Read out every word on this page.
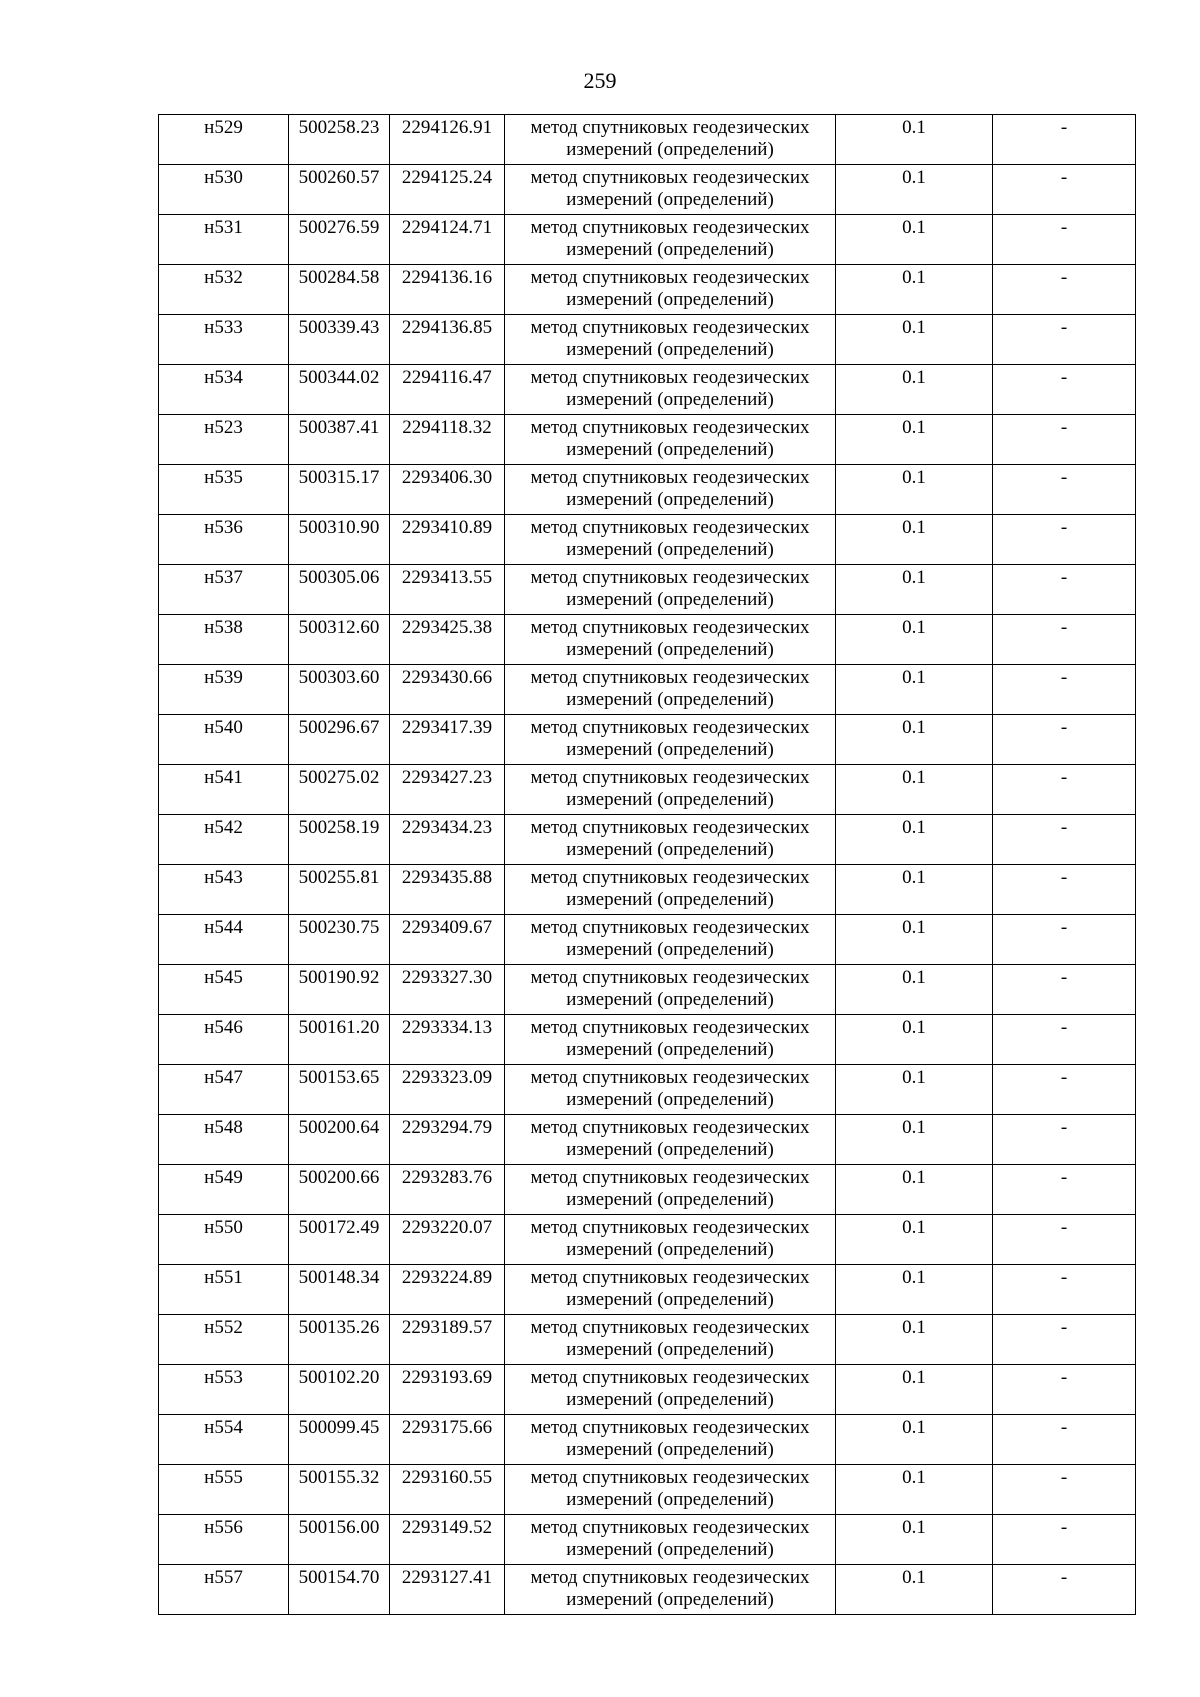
259
н529	500258.23	2294126.91	метод спутниковых геодезических
измерений (определений)	0.1	-
н530	500260.57	2294125.24	метод спутниковых геодезических
измерений (определений)	0.1	-
н531	500276.59	2294124.71	метод спутниковых геодезических
измерений (определений)	0.1	-
н532	500284.58	2294136.16	метод спутниковых геодезических
измерений (определений)	0.1	-
н533	500339.43	2294136.85	метод спутниковых геодезических
измерений (определений)	0.1	-
н534	500344.02	2294116.47	метод спутниковых геодезических
измерений (определений)	0.1	-
н523	500387.41	2294118.32	метод спутниковых геодезических
измерений (определений)	0.1	-
н535	500315.17	2293406.30	метод спутниковых геодезических
измерений (определений)	0.1	-
н536	500310.90	2293410.89	метод спутниковых геодезических
измерений (определений)	0.1	-
н537	500305.06	2293413.55	метод спутниковых геодезических
измерений (определений)	0.1	-
н538	500312.60	2293425.38	метод спутниковых геодезических
измерений (определений)	0.1	-
н539	500303.60	2293430.66	метод спутниковых геодезических
измерений (определений)	0.1	-
н540	500296.67	2293417.39	метод спутниковых геодезических
измерений (определений)	0.1	-
н541	500275.02	2293427.23	метод спутниковых геодезических
измерений (определений)	0.1	-
н542	500258.19	2293434.23	метод спутниковых геодезических
измерений (определений)	0.1	-
н543	500255.81	2293435.88	метод спутниковых геодезических
измерений (определений)	0.1	-
н544	500230.75	2293409.67	метод спутниковых геодезических
измерений (определений)	0.1	-
н545	500190.92	2293327.30	метод спутниковых геодезических
измерений (определений)	0.1	-
н546	500161.20	2293334.13	метод спутниковых геодезических
измерений (определений)	0.1	-
н547	500153.65	2293323.09	метод спутниковых геодезических
измерений (определений)	0.1	-
н548	500200.64	2293294.79	метод спутниковых геодезических
измерений (определений)	0.1	-
н549	500200.66	2293283.76	метод спутниковых геодезических
измерений (определений)	0.1	-
н550	500172.49	2293220.07	метод спутниковых геодезических
измерений (определений)	0.1	-
н551	500148.34	2293224.89	метод спутниковых геодезических
измерений (определений)	0.1	-
н552	500135.26	2293189.57	метод спутниковых геодезических
измерений (определений)	0.1	-
н553	500102.20	2293193.69	метод спутниковых геодезических
измерений (определений)	0.1	-
н554	500099.45	2293175.66	метод спутниковых геодезических
измерений (определений)	0.1	-
н555	500155.32	2293160.55	метод спутниковых геодезических
измерений (определений)	0.1	-
н556	500156.00	2293149.52	метод спутниковых геодезических
измерений (определений)	0.1	-
н557	500154.70	2293127.41	метод спутниковых геодезических
измерений (определений)	0.1	-
